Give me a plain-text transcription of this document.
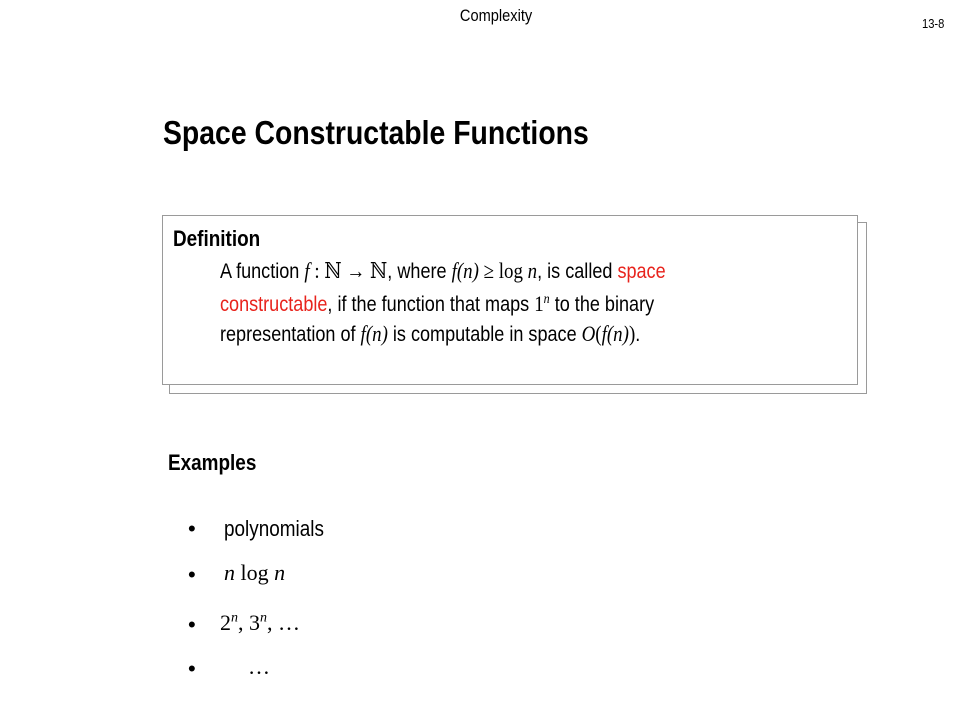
Complexity	13-8
Space Constructable Functions
Definition
A function f : ℕ → ℕ, where f(n) ≥ log n, is called space
constructable, if the function that maps 1$^n$ to the binary
representation of f(n) is computable in space O(f(n)).
Examples
• polynomials
• n log n
• 2$^n$, 3$^n$, …
• …
